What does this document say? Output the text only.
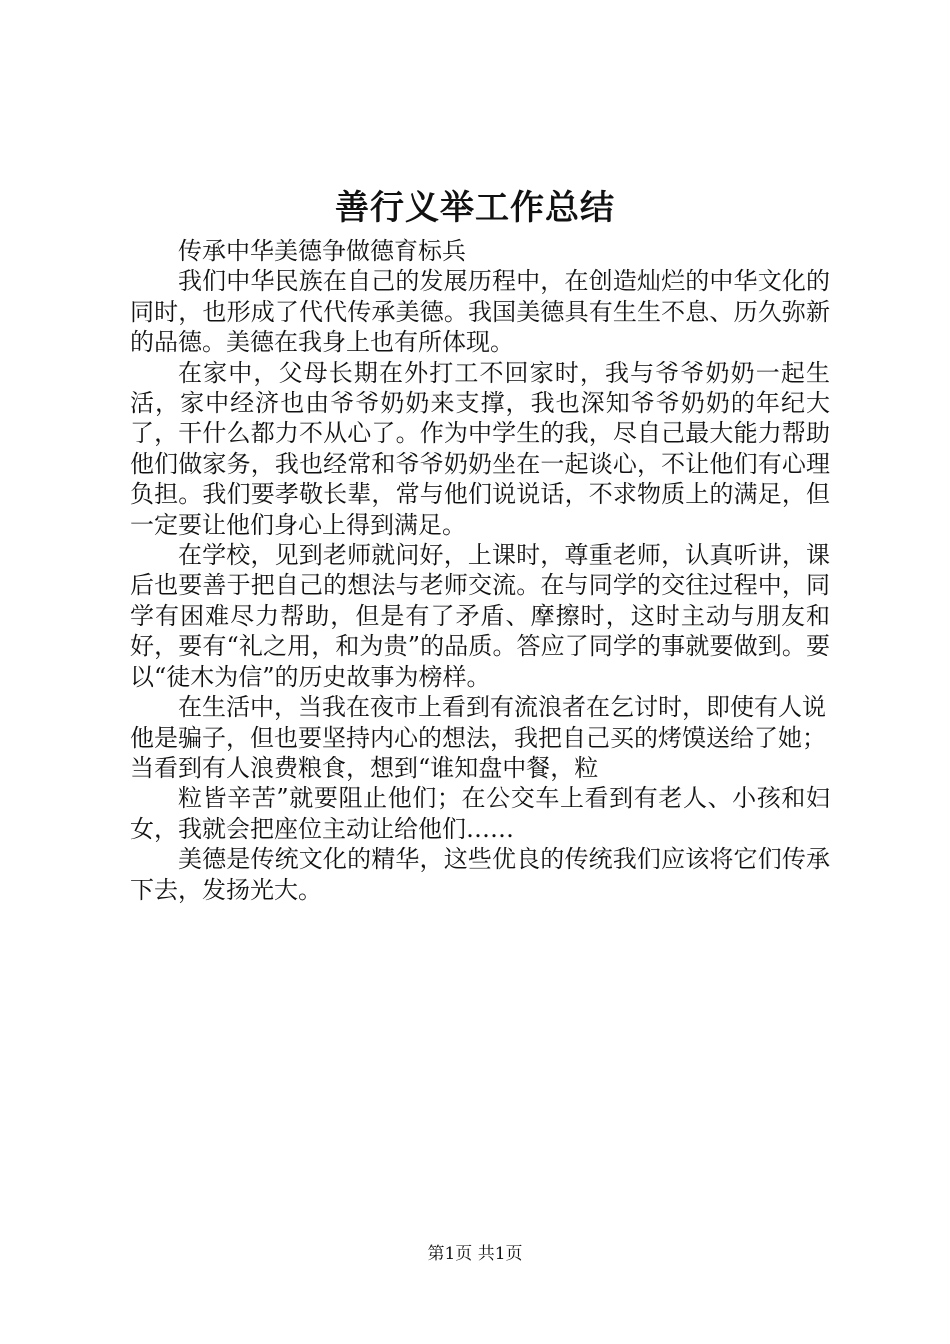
善行义举工作总结

传承中华美德争做德育标兵

我们中华民族在自己的发展历程中，在创造灿烂的中华文化的同时，也形成了代代传承美德。我国美德具有生生不息、历久弥新的品德。美德在我身上也有所体现。

在家中，父母长期在外打工不回家时，我与爷爷奶奶一起生活，家中经济也由爷爷奶奶来支撑，我也深知爷爷奶奶的年纪大了，干什么都力不从心了。作为中学生的我，尽自己最大能力帮助他们做家务，我也经常和爷爷奶奶坐在一起谈心，不让他们有心理负担。我们要孝敬长辈，常与他们说说话，不求物质上的满足，但一定要让他们身心上得到满足。

在学校，见到老师就问好，上课时，尊重老师，认真听讲，课后也要善于把自己的想法与老师交流。在与同学的交往过程中，同学有困难尽力帮助，但是有了矛盾、摩擦时，这时主动与朋友和好，要有“礼之用，和为贵”的品质。答应了同学的事就要做到。要以“徒木为信”的历史故事为榜样。

在生活中，当我在夜市上看到有流浪者在乞讨时，即使有人说他是骗子，但也要坚持内心的想法，我把自己买的烤馍送给了她；当看到有人浪费粮食，想到“谁知盘中餐，粒

粒皆辛苦”就要阻止他们；在公交车上看到有老人、小孩和妇女，我就会把座位主动让给他们……

美德是传统文化的精华，这些优良的传统我们应该将它们传承下去，发扬光大。

第1页 共1页
